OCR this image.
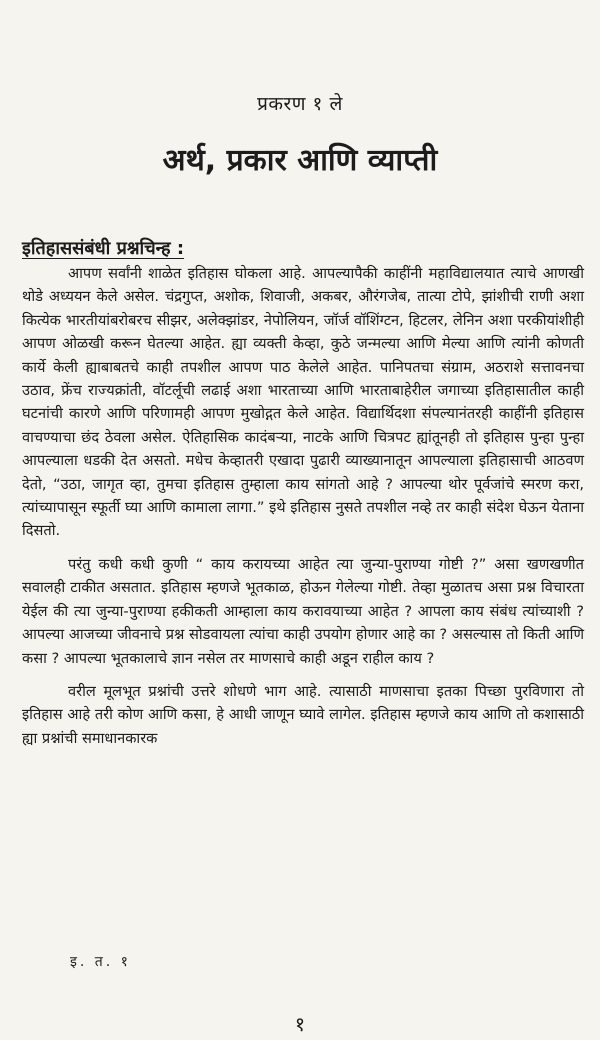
प्रकरण १ ले
अर्थ, प्रकार आणि व्याप्ती
इतिहाससंबंधी प्रश्नचिन्ह :

आपण सर्वांनी शाळेत इतिहास घोकला आहे. आपल्यापैकी काहींनी महाविद्यालयात त्याचे आणखी थोडे अध्ययन केले असेल. चंद्रगुप्त, अशोक, शिवाजी, अकबर, औरंगजेब, तात्या टोपे, झांशीची राणी अशा कित्येक भारतीयांबरोबरच सीझर, अलेक्झांडर, नेपोलियन, जॉर्ज वॉशिंग्टन, हिटलर, लेनिन अशा परकीयांशीही आपण ओळखी करून घेतल्या आहेत. ह्या व्यक्ती केव्हा, कुठे जन्मल्या आणि मेल्या आणि त्यांनी कोणती कार्ये केली ह्याबाबतचे काही तपशील आपण पाठ केलेले आहेत. पानिपतचा संग्राम, अठराशे सत्तावनचा उठाव, फ्रेंच राज्यक्रांती, वॉटर्लूची लढाई अशा भारताच्या आणि भारताबाहेरील जगाच्या इतिहासातील काही घटनांची कारणे आणि परिणामही आपण मुखोद्गत केले आहेत. विद्यार्थिदशा संपल्यानंतरही काहींनी इतिहास वाचण्याचा छंद ठेवला असेल. ऐतिहासिक कादंबऱ्या, नाटके आणि चित्रपट ह्यांतूनही तो इतिहास पुन्हा पुन्हा आपल्याला धडकी देत असतो. मधेच केव्हातरी एखादा पुढारी व्याख्यानातून आपल्याला इतिहासाची आठवण देतो, “उठा, जागृत व्हा, तुमचा इतिहास तुम्हाला काय सांगतो आहे ? आपल्या थोर पूर्वजांचे स्मरण करा, त्यांच्यापासून स्फूर्ती घ्या आणि कामाला लागा.” इथे इतिहास नुसते तपशील नव्हे तर काही संदेश घेऊन येताना दिसतो.

परंतु कधी कधी कुणी “ काय करायच्या आहेत त्या जुन्या-पुराण्या गोष्टी ?” असा खणखणीत सवालही टाकीत असतात. इतिहास म्हणजे भूतकाळ, होऊन गेलेल्या गोष्टी. तेव्हा मुळातच असा प्रश्न विचारता येईल की त्या जुन्या-पुराण्या हकीकती आम्हाला काय करावयाच्या आहेत ? आपला काय संबंध त्यांच्याशी ? आपल्या आजच्या जीवनाचे प्रश्न सोडवायला त्यांचा काही उपयोग होणार आहे का ? असल्यास तो किती आणि कसा ? आपल्या भूतकालाचे ज्ञान नसेल तर माणसाचे काही अडून राहील काय ?

वरील मूलभूत प्रश्नांची उत्तरे शोधणे भाग आहे. त्यासाठी माणसाचा इतका पिच्छा पुरविणारा तो इतिहास आहे तरी कोण आणि कसा, हे आधी जाणून घ्यावे लागेल. इतिहास म्हणजे काय आणि तो कशासाठी ह्या प्रश्नांची समाधानकारक

इ. त. १
१
